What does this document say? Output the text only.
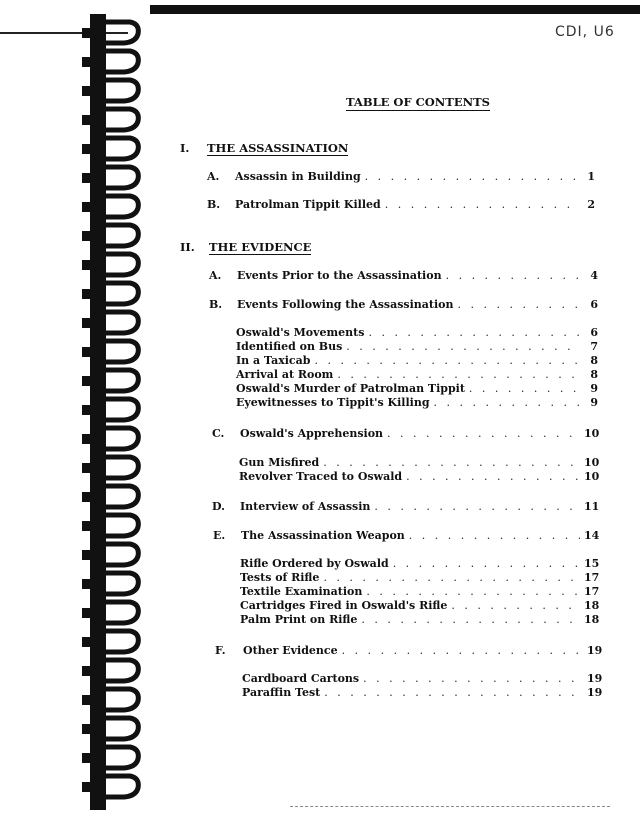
CDI, U6
TABLE OF CONTENTS
I. THE ASSASSINATION
A.	Assassin in Building . . .	1
B.	Patrolman Tippit Killed . . .	2
II. THE EVIDENCE
A.	Events Prior to the Assassination . . .	4
B.	Events Following the Assassination . . .	6
Oswald's Movements . . .	6
Identified on Bus . . .	7
In a Taxicab . . .	8
Arrival at Room . . .	8
Oswald's Murder of Patrolman Tippit . . .	9
Eyewitnesses to Tippit's Killing . . .	9
C.	Oswald's Apprehension . . .	10
Gun Misfired . . .	10
Revolver Traced to Oswald . . .	10
D.	Interview of Assassin . . .	11
E.	The Assassination Weapon . . .	14
Rifle Ordered by Oswald . . .	15
Tests of Rifle . . .	17
Textile Examination . . .	17
Cartridges Fired in Oswald's Rifle . . .	18
Palm Print on Rifle . . .	18
F.	Other Evidence . . .	19
Cardboard Cartons . . .	19
Paraffin Test . . .	19
